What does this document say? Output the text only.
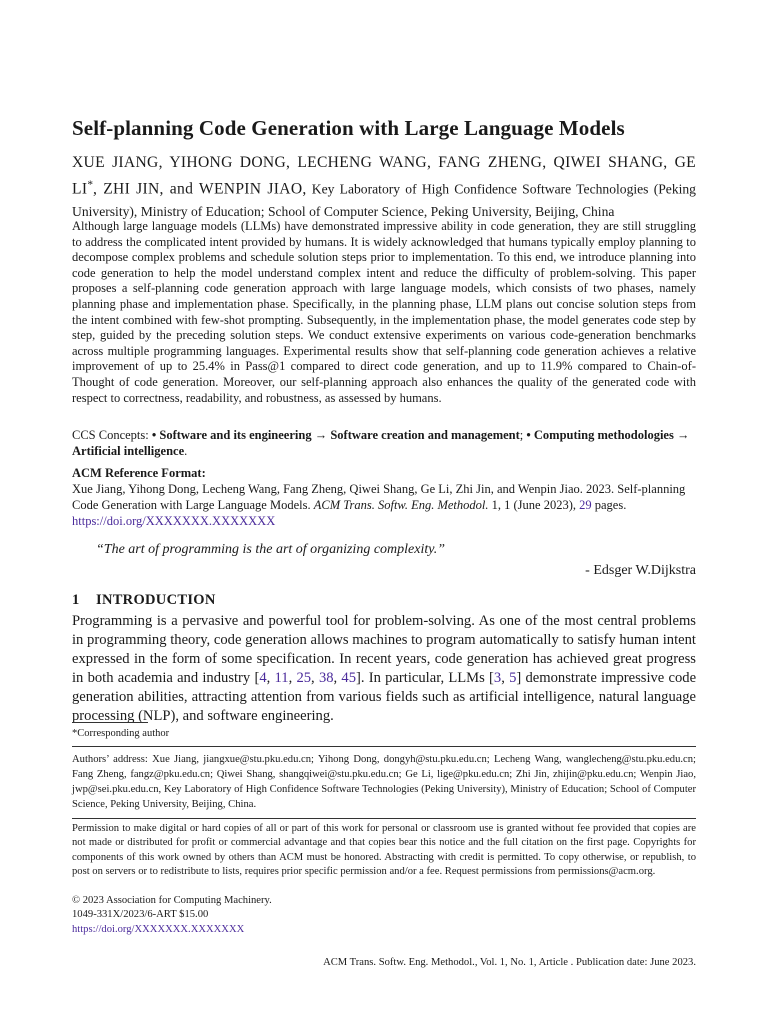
Self-planning Code Generation with Large Language Models
XUE JIANG, YIHONG DONG, LECHENG WANG, FANG ZHENG, QIWEI SHANG, GE LI*, ZHI JIN, and WENPIN JIAO, Key Laboratory of High Confidence Software Technologies (Peking University), Ministry of Education; School of Computer Science, Peking University, Beijing, China
Although large language models (LLMs) have demonstrated impressive ability in code generation, they are still struggling to address the complicated intent provided by humans. It is widely acknowledged that humans typically employ planning to decompose complex problems and schedule solution steps prior to implementation. To this end, we introduce planning into code generation to help the model understand complex intent and reduce the difficulty of problem-solving. This paper proposes a self-planning code generation approach with large language models, which consists of two phases, namely planning phase and implementation phase. Specifically, in the planning phase, LLM plans out concise solution steps from the intent combined with few-shot prompting. Subsequently, in the implementation phase, the model generates code step by step, guided by the preceding solution steps. We conduct extensive experiments on various code-generation benchmarks across multiple programming languages. Experimental results show that self-planning code generation achieves a relative improvement of up to 25.4% in Pass@1 compared to direct code generation, and up to 11.9% compared to Chain-of-Thought of code generation. Moreover, our self-planning approach also enhances the quality of the generated code with respect to correctness, readability, and robustness, as assessed by humans.
CCS Concepts: • Software and its engineering → Software creation and management; • Computing methodologies → Artificial intelligence.
ACM Reference Format:
Xue Jiang, Yihong Dong, Lecheng Wang, Fang Zheng, Qiwei Shang, Ge Li, Zhi Jin, and Wenpin Jiao. 2023. Self-planning Code Generation with Large Language Models. ACM Trans. Softw. Eng. Methodol. 1, 1 (June 2023), 29 pages. https://doi.org/XXXXXXX.XXXXXXX
“The art of programming is the art of organizing complexity.”
- Edsger W.Dijkstra
1 INTRODUCTION
Programming is a pervasive and powerful tool for problem-solving. As one of the most central problems in programming theory, code generation allows machines to program automatically to satisfy human intent expressed in the form of some specification. In recent years, code generation has achieved great progress in both academia and industry [4, 11, 25, 38, 45]. In particular, LLMs [3, 5] demonstrate impressive code generation abilities, attracting attention from various fields such as artificial intelligence, natural language processing (NLP), and software engineering.
*Corresponding author
Authors’ address: Xue Jiang, jiangxue@stu.pku.edu.cn; Yihong Dong, dongyh@stu.pku.edu.cn; Lecheng Wang, wanglecheng@stu.pku.edu.cn; Fang Zheng, fangz@pku.edu.cn; Qiwei Shang, shangqiwei@stu.pku.edu.cn; Ge Li, lige@pku.edu.cn; Zhi Jin, zhijin@pku.edu.cn; Wenpin Jiao, jwp@sei.pku.edu.cn, Key Laboratory of High Confidence Software Technologies (Peking University), Ministry of Education; School of Computer Science, Peking University, Beijing, China.
Permission to make digital or hard copies of all or part of this work for personal or classroom use is granted without fee provided that copies are not made or distributed for profit or commercial advantage and that copies bear this notice and the full citation on the first page. Copyrights for components of this work owned by others than ACM must be honored. Abstracting with credit is permitted. To copy otherwise, or republish, to post on servers or to redistribute to lists, requires prior specific permission and/or a fee. Request permissions from permissions@acm.org.
© 2023 Association for Computing Machinery.
1049-331X/2023/6-ART $15.00
https://doi.org/XXXXXXX.XXXXXXX
ACM Trans. Softw. Eng. Methodol., Vol. 1, No. 1, Article . Publication date: June 2023.
